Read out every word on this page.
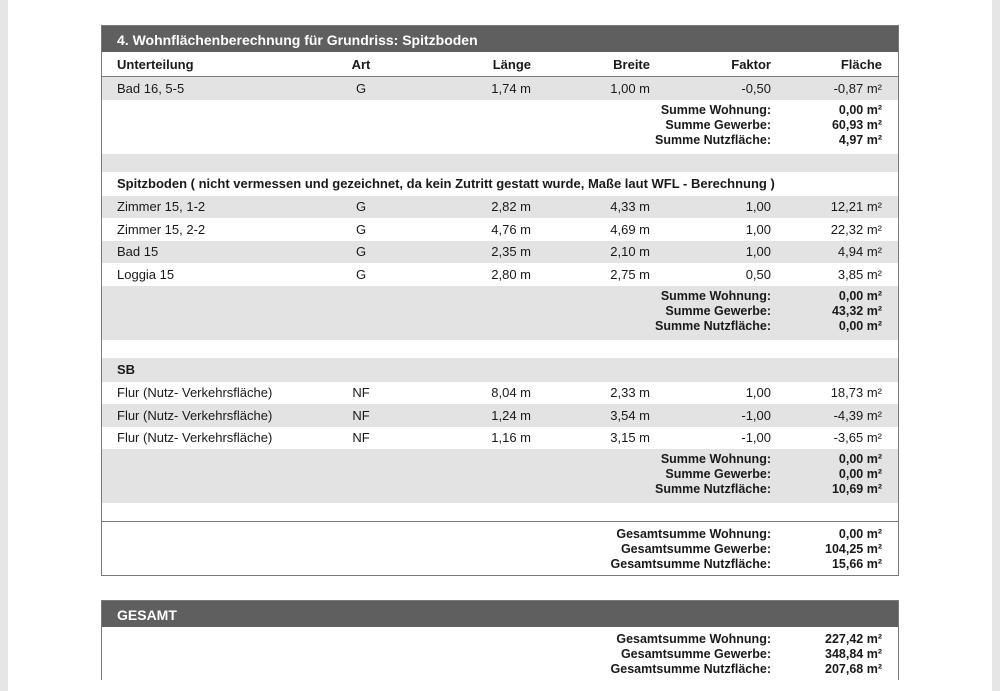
4. Wohnflächenberechnung für Grundriss: Spitzboden
Unterteilung	Art	Länge	Breite	Faktor	Fläche
Bad 16, 5-5	G	1,74 m	1,00 m	-0,50	-0,87 m²
Summe Wohnung:	0,00 m²
Summe Gewerbe:	60,93 m²
Summe Nutzfläche:	4,97 m²
Spitzboden ( nicht vermessen und gezeichnet, da kein Zutritt gestatt wurde, Maße laut WFL - Berechnung )
Zimmer 15, 1-2	G	2,82 m	4,33 m	1,00	12,21 m²
Zimmer 15, 2-2	G	4,76 m	4,69 m	1,00	22,32 m²
Bad 15	G	2,35 m	2,10 m	1,00	4,94 m²
Loggia 15	G	2,80 m	2,75 m	0,50	3,85 m²
Summe Wohnung:	0,00 m²
Summe Gewerbe:	43,32 m²
Summe Nutzfläche:	0,00 m²
SB
Flur (Nutz- Verkehrsfläche)	NF	8,04 m	2,33 m	1,00	18,73 m²
Flur (Nutz- Verkehrsfläche)	NF	1,24 m	3,54 m	-1,00	-4,39 m²
Flur (Nutz- Verkehrsfläche)	NF	1,16 m	3,15 m	-1,00	-3,65 m²
Summe Wohnung:	0,00 m²
Summe Gewerbe:	0,00 m²
Summe Nutzfläche:	10,69 m²
Gesamtsumme Wohnung:	0,00 m²
Gesamtsumme Gewerbe:	104,25 m²
Gesamtsumme Nutzfläche:	15,66 m²
GESAMT
Gesamtsumme Wohnung:	227,42 m²
Gesamtsumme Gewerbe:	348,84 m²
Gesamtsumme Nutzfläche:	207,68 m²
